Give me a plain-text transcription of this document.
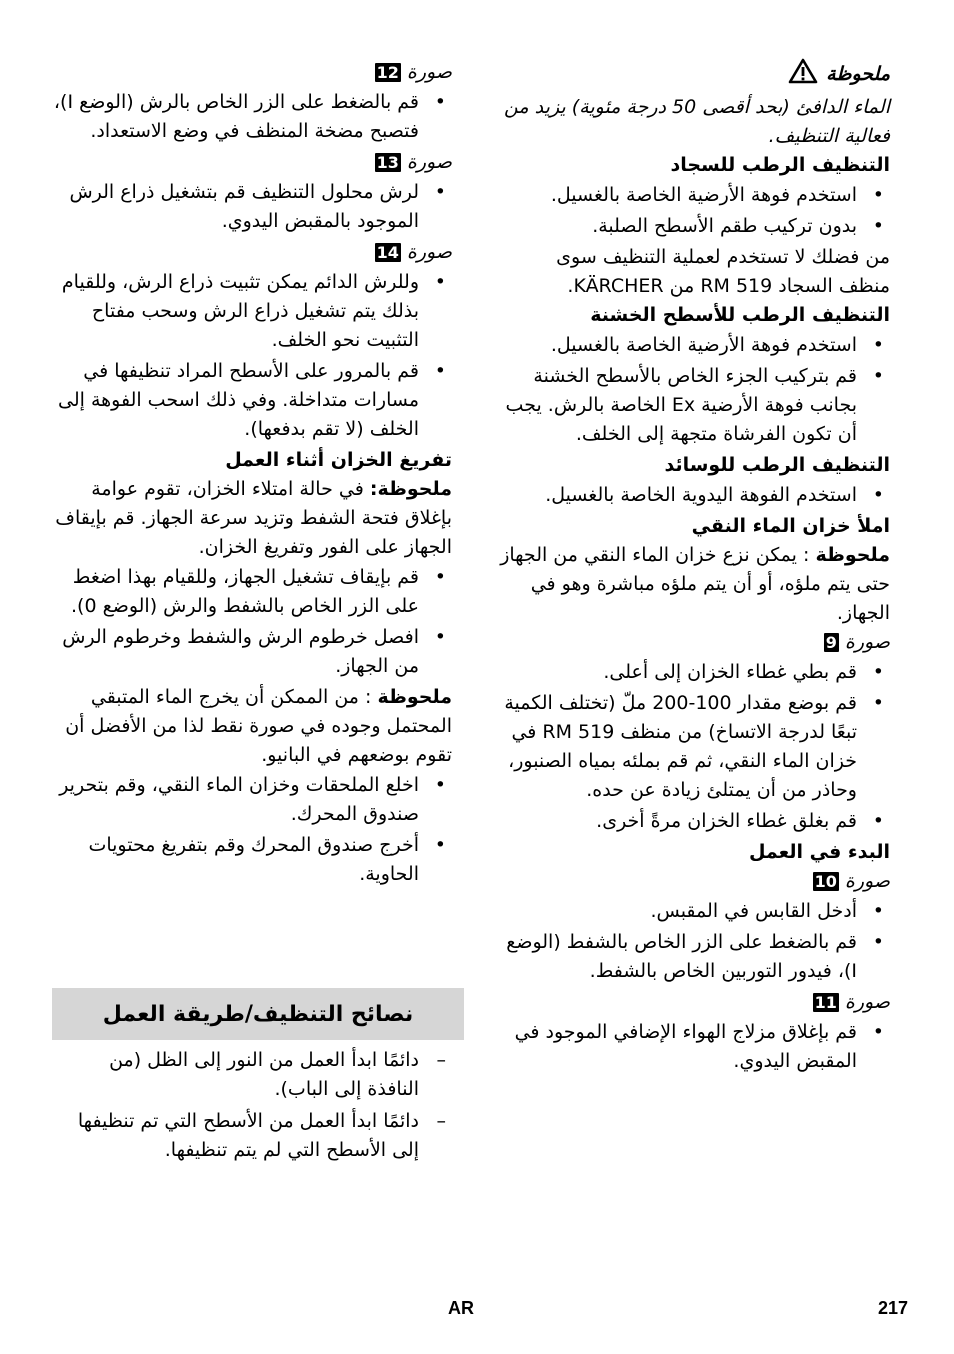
ملحوظة

الماء الدافئ (بحد أقصى 50 درجة مئوية) يزيد من فعالية التنظيف.

التنظيف الرطب للسجاد

•
استخدم فوهة الأرضية الخاصة بالغسيل.
•
بدون تركيب طقم الأسطح الصلبة.

من فضلك لا تستخدم لعملية التنظيف سوى منظف السجاد RM 519 من KÄRCHER.

التنظيف الرطب للأسطح الخشنة

•
استخدم فوهة الأرضية الخاصة بالغسيل.
•
قم بتركيب الجزء الخاص بالأسطح الخشنة بجانب فوهة الأرضية Ex الخاصة بالرش. يجب أن تكون الفرشاة متجهة إلى الخلف.

التنظيف الرطب للوسائد

•
استخدم الفوهة اليدوية الخاصة بالغسيل.

املأ خزان الماء النقي

ملحوظة : يمكن نزع خزان الماء النقي من الجهاز حتى يتم ملؤه، أو أن يتم ملؤه مباشرة وهو في الجهاز.

صورة 9

•
قم بطي غطاء الخزان إلى أعلى.
•
قم بوضع مقدار 100-200 ملّ (تختلف الكمية تبعًا لدرجة الاتساخ) من منظف RM 519 في خزان الماء النقي، ثم قم بملئه بمياه الصنبور، وحاذر من أن يمتلئ زيادة عن حده.
•
قم بغلق غطاء الخزان مرةً أخرى.

البدء في العمل

صورة 10

•
أدخل القابس في المقبس.
•
قم بالضغط على الزر الخاص بالشفط (الوضع I)، فيدور التوربين الخاص بالشفط.

صورة 11

•
قم بإغلاق مزلاج الهواء الإضافي الموجود في المقبض اليدوي.

صورة 12

•
قم بالضغط على الزر الخاص بالرش (الوضع I)، فتصبح مضخة المنظف في وضع الاستعداد.

صورة 13

•
لرش محلول التنظيف قم بتشغيل ذراع الرش الموجود بالمقبض اليدوي.

صورة 14

•
وللرش الدائم يمكن تثبيت ذراع الرش، وللقيام بذلك يتم تشغيل ذراع الرش وسحب مفتاح التثبيت نحو الخلف.
•
قم بالمرور على الأسطح المراد تنظيفها في مسارات متداخلة. وفي ذلك اسحب الفوهة إلى الخلف (لا تقم بدفعها).

تفريغ الخزان أثناء العمل

ملحوظة: في حالة امتلاء الخزان، تقوم عوامة بإغلاق فتحة الشفط وتزيد سرعة الجهاز. قم بإيقاف الجهاز على الفور وتفريغ الخزان.

•
قم بإيقاف تشغيل الجهاز، وللقيام بهذا اضغط على الزر الخاص بالشفط والرش (الوضع 0).
•
افصل خرطوم الرش والشفط وخرطوم الرش من الجهاز.

ملحوظة : من الممكن أن يخرج الماء المتبقي المحتمل وجوده في صورة نقط لذا من الأفضل أن تقوم بوضعهم في البانيو.

•
اخلع الملحقات وخزان الماء النقي، وقم بتحرير صندوق المحرك.
•
أخرج صندوق المحرك وقم بتفريغ محتويات الحاوية.
نصائح التنظيف/طريقة العمل
–
دائمًا ابدأ العمل من النور إلى الظل (من النافذة إلى الباب).
–
دائمًا ابدأ العمل من الأسطح التي تم تنظيفها إلى الأسطح التي لم يتم تنظيفها.
AR	217
